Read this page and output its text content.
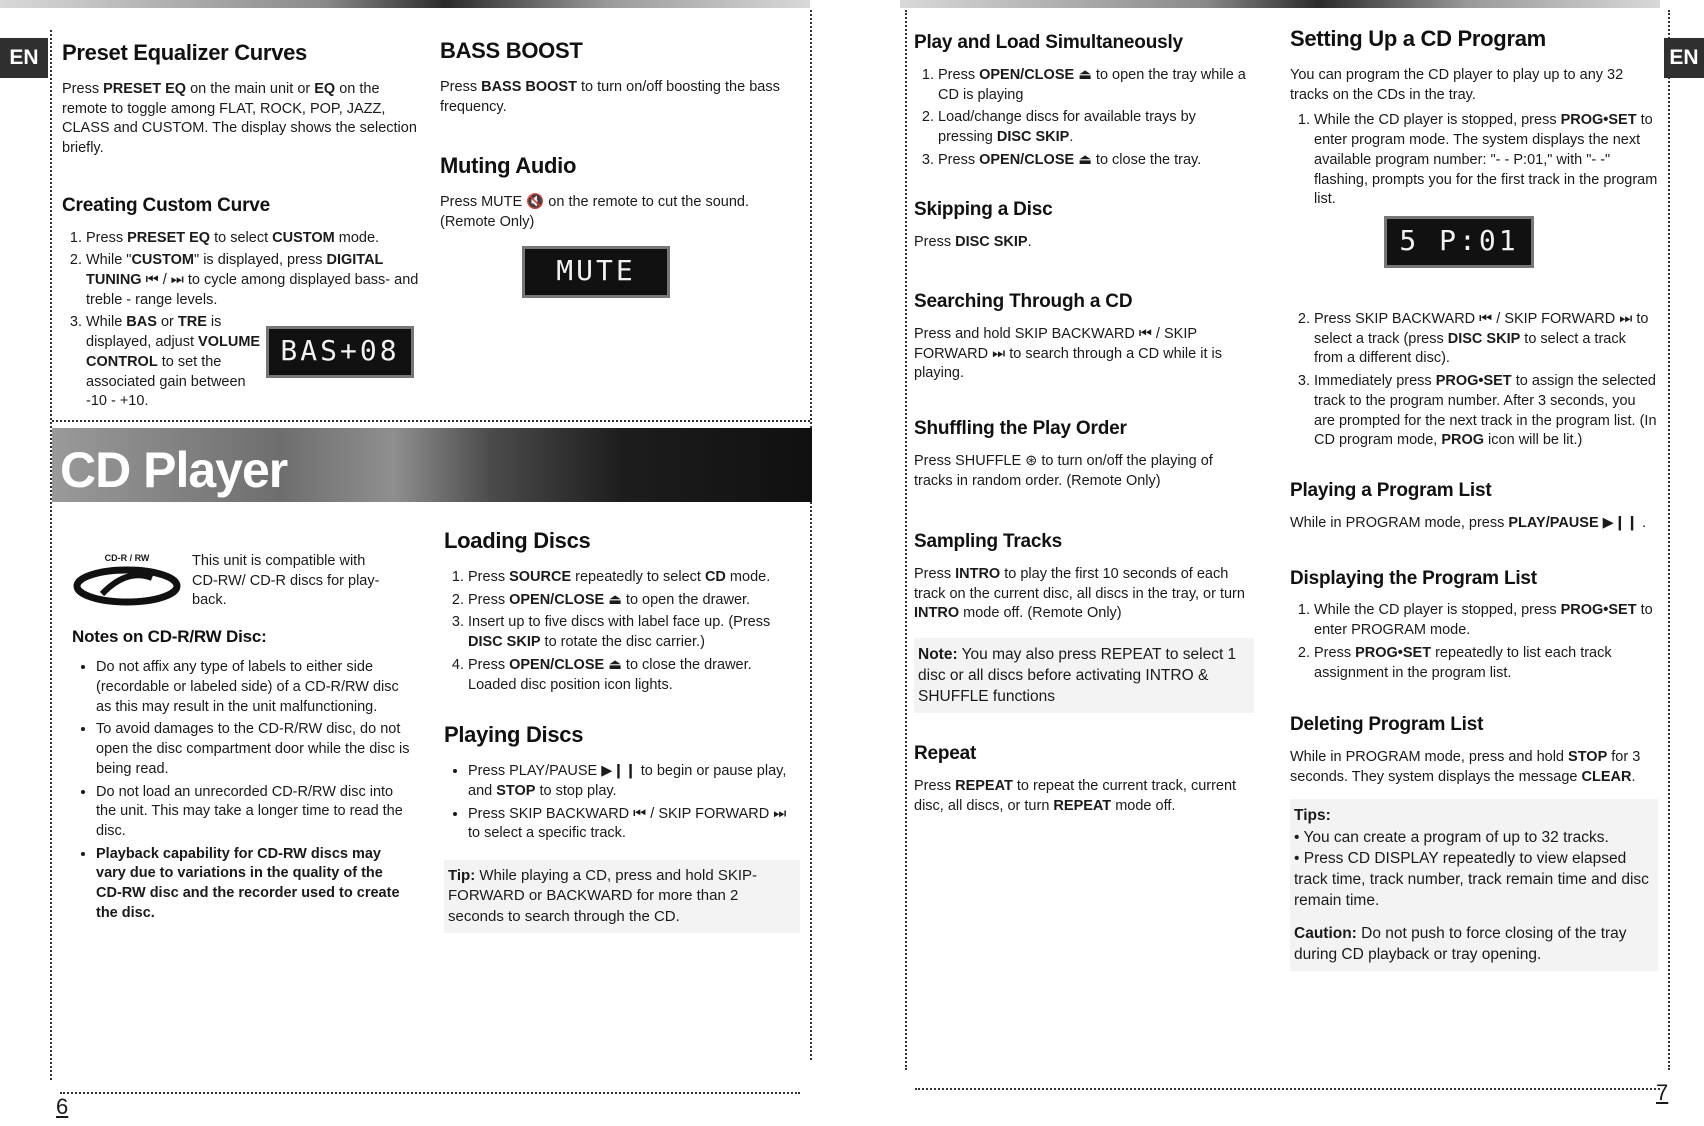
EN	EN
6
7
Preset Equalizer Curves

Press PRESET EQ on the main unit or EQ on the remote to toggle among FLAT, ROCK, POP, JAZZ, CLASS and CUSTOM. The display shows the selection briefly.

Creating Custom Curve
1. Press PRESET EQ to select CUSTOM mode.
2. While "CUSTOM" is displayed, press DIGITAL TUNING ⏮ / ⏭ to cycle among displayed bass- and treble - range levels.
3. While BAS or TRE is displayed, adjust VOLUME CONTROL to set the associated gain between -10 - +10.
BAS+08
BASS BOOST

Press BASS BOOST to turn on/off boosting the bass frequency.

Muting Audio

Press MUTE 🔇 on the remote to cut the sound. (Remote Only)

MUTE
CD Player
CD-R / RW	This unit is compatible with CD-RW/ CD-R discs for play-back.

Notes on CD-R/RW Disc:
• Do not affix any type of labels to either side (recordable or labeled side) of a CD-R/RW disc as this may result in the unit malfunctioning.
• To avoid damages to the CD-R/RW disc, do not open the disc compartment door while the disc is being read.
• Do not load an unrecorded CD-R/RW disc into the unit. This may take a longer time to read the disc.
• Playback capability for CD-RW discs may vary due to variations in the quality of the CD-RW disc and the recorder used to create the disc.
Loading Discs
1. Press SOURCE repeatedly to select CD mode.
2. Press OPEN/CLOSE ⏏ to open the drawer.
3. Insert up to five discs with label face up. (Press DISC SKIP to rotate the disc carrier.)
4. Press OPEN/CLOSE ⏏ to close the drawer. Loaded disc position icon lights.
Playing Discs
• Press PLAY/PAUSE ▶❙❙ to begin or pause play, and STOP to stop play.
• Press SKIP BACKWARD ⏮ / SKIP FORWARD ⏭ to select a specific track.
Tip: While playing a CD, press and hold SKIP-FORWARD or BACKWARD for more than 2 seconds to search through the CD.
Play and Load Simultaneously
1. Press OPEN/CLOSE ⏏ to open the tray while a CD is playing
2. Load/change discs for available trays by pressing DISC SKIP.
3. Press OPEN/CLOSE ⏏ to close the tray.
Skipping a Disc

Press DISC SKIP.

Searching Through a CD

Press and hold SKIP BACKWARD ⏮ / SKIP FORWARD ⏭ to search through a CD while it is playing.

Shuffling the Play Order

Press SHUFFLE ⊛ to turn on/off the playing of tracks in random order. (Remote Only)

Sampling Tracks

Press INTRO to play the first 10 seconds of each track on the current disc, all discs in the tray, or turn INTRO mode off. (Remote Only)

Note: You may also press REPEAT to select 1 disc or all discs before activating INTRO & SHUFFLE functions
Repeat

Press REPEAT to repeat the current track, current disc, all discs, or turn REPEAT mode off.

Setting Up a CD Program

You can program the CD player to play up to any 32 tracks on the CDs in the tray.

1. While the CD player is stopped, press PROG•SET to enter program mode. The system displays the next available program number: "- - P:01," with "- -" flashing, prompts you for the first track in the program list.
2. Press SKIP BACKWARD ⏮ / SKIP FORWARD ⏭ to select a track (press DISC SKIP to select a track from a different disc).
3. Immediately press PROG•SET to assign the selected track to the program number. After 3 seconds, you are prompted for the next track in the program list. (In CD program mode, PROG icon will be lit.)
Playing a Program List

While in PROGRAM mode, press PLAY/PAUSE ▶❙❙ .

Displaying the Program List
1. While the CD player is stopped, press PROG•SET to enter PROGRAM mode.
2. Press PROG•SET repeatedly to list each track assignment in the program list.
Deleting Program List

While in PROGRAM mode, press and hold STOP for 3 seconds. They system displays the message CLEAR.

Tips:
• You can create a program of up to 32 tracks.
• Press CD DISPLAY repeatedly to view elapsed track time, track number, track remain time and disc remain time.
Caution: Do not push to force closing of the tray during CD playback or tray opening.
5 P:01
